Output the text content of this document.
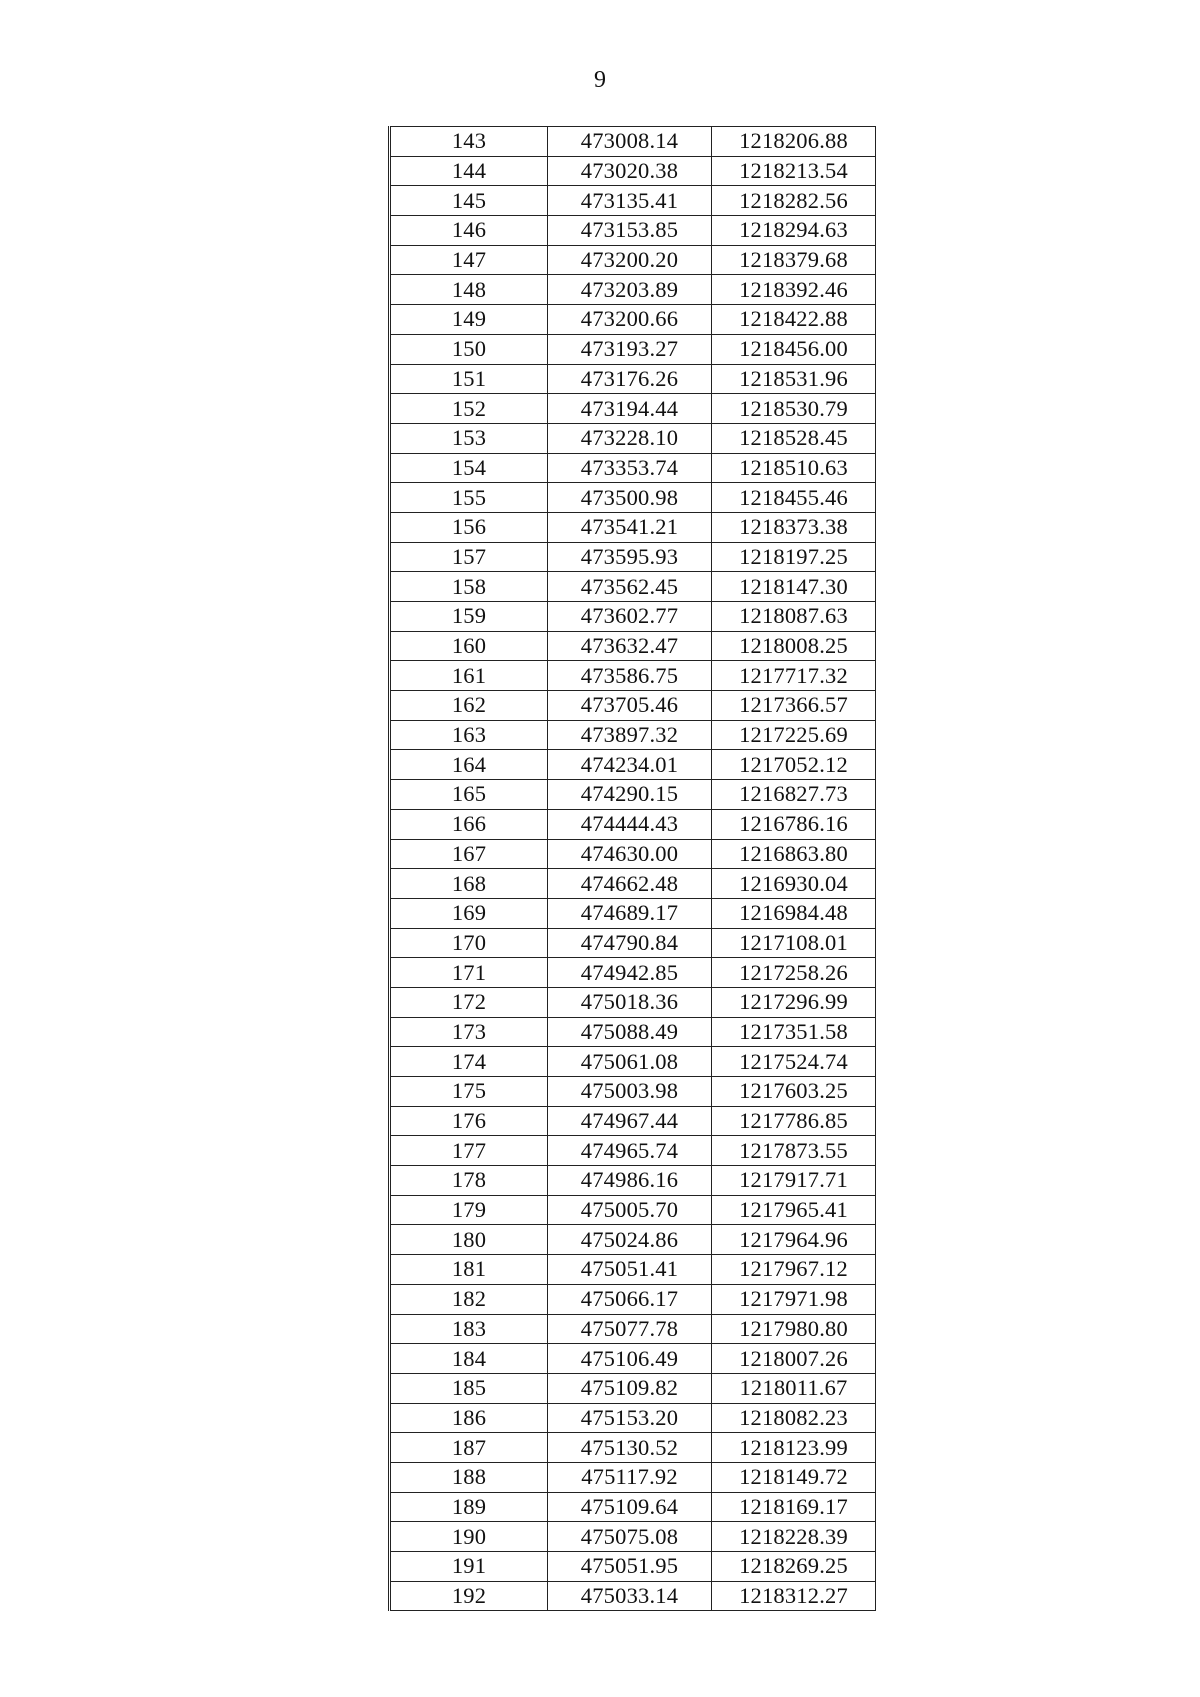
9
143	473008.14	1218206.88
144	473020.38	1218213.54
145	473135.41	1218282.56
146	473153.85	1218294.63
147	473200.20	1218379.68
148	473203.89	1218392.46
149	473200.66	1218422.88
150	473193.27	1218456.00
151	473176.26	1218531.96
152	473194.44	1218530.79
153	473228.10	1218528.45
154	473353.74	1218510.63
155	473500.98	1218455.46
156	473541.21	1218373.38
157	473595.93	1218197.25
158	473562.45	1218147.30
159	473602.77	1218087.63
160	473632.47	1218008.25
161	473586.75	1217717.32
162	473705.46	1217366.57
163	473897.32	1217225.69
164	474234.01	1217052.12
165	474290.15	1216827.73
166	474444.43	1216786.16
167	474630.00	1216863.80
168	474662.48	1216930.04
169	474689.17	1216984.48
170	474790.84	1217108.01
171	474942.85	1217258.26
172	475018.36	1217296.99
173	475088.49	1217351.58
174	475061.08	1217524.74
175	475003.98	1217603.25
176	474967.44	1217786.85
177	474965.74	1217873.55
178	474986.16	1217917.71
179	475005.70	1217965.41
180	475024.86	1217964.96
181	475051.41	1217967.12
182	475066.17	1217971.98
183	475077.78	1217980.80
184	475106.49	1218007.26
185	475109.82	1218011.67
186	475153.20	1218082.23
187	475130.52	1218123.99
188	475117.92	1218149.72
189	475109.64	1218169.17
190	475075.08	1218228.39
191	475051.95	1218269.25
192	475033.14	1218312.27
